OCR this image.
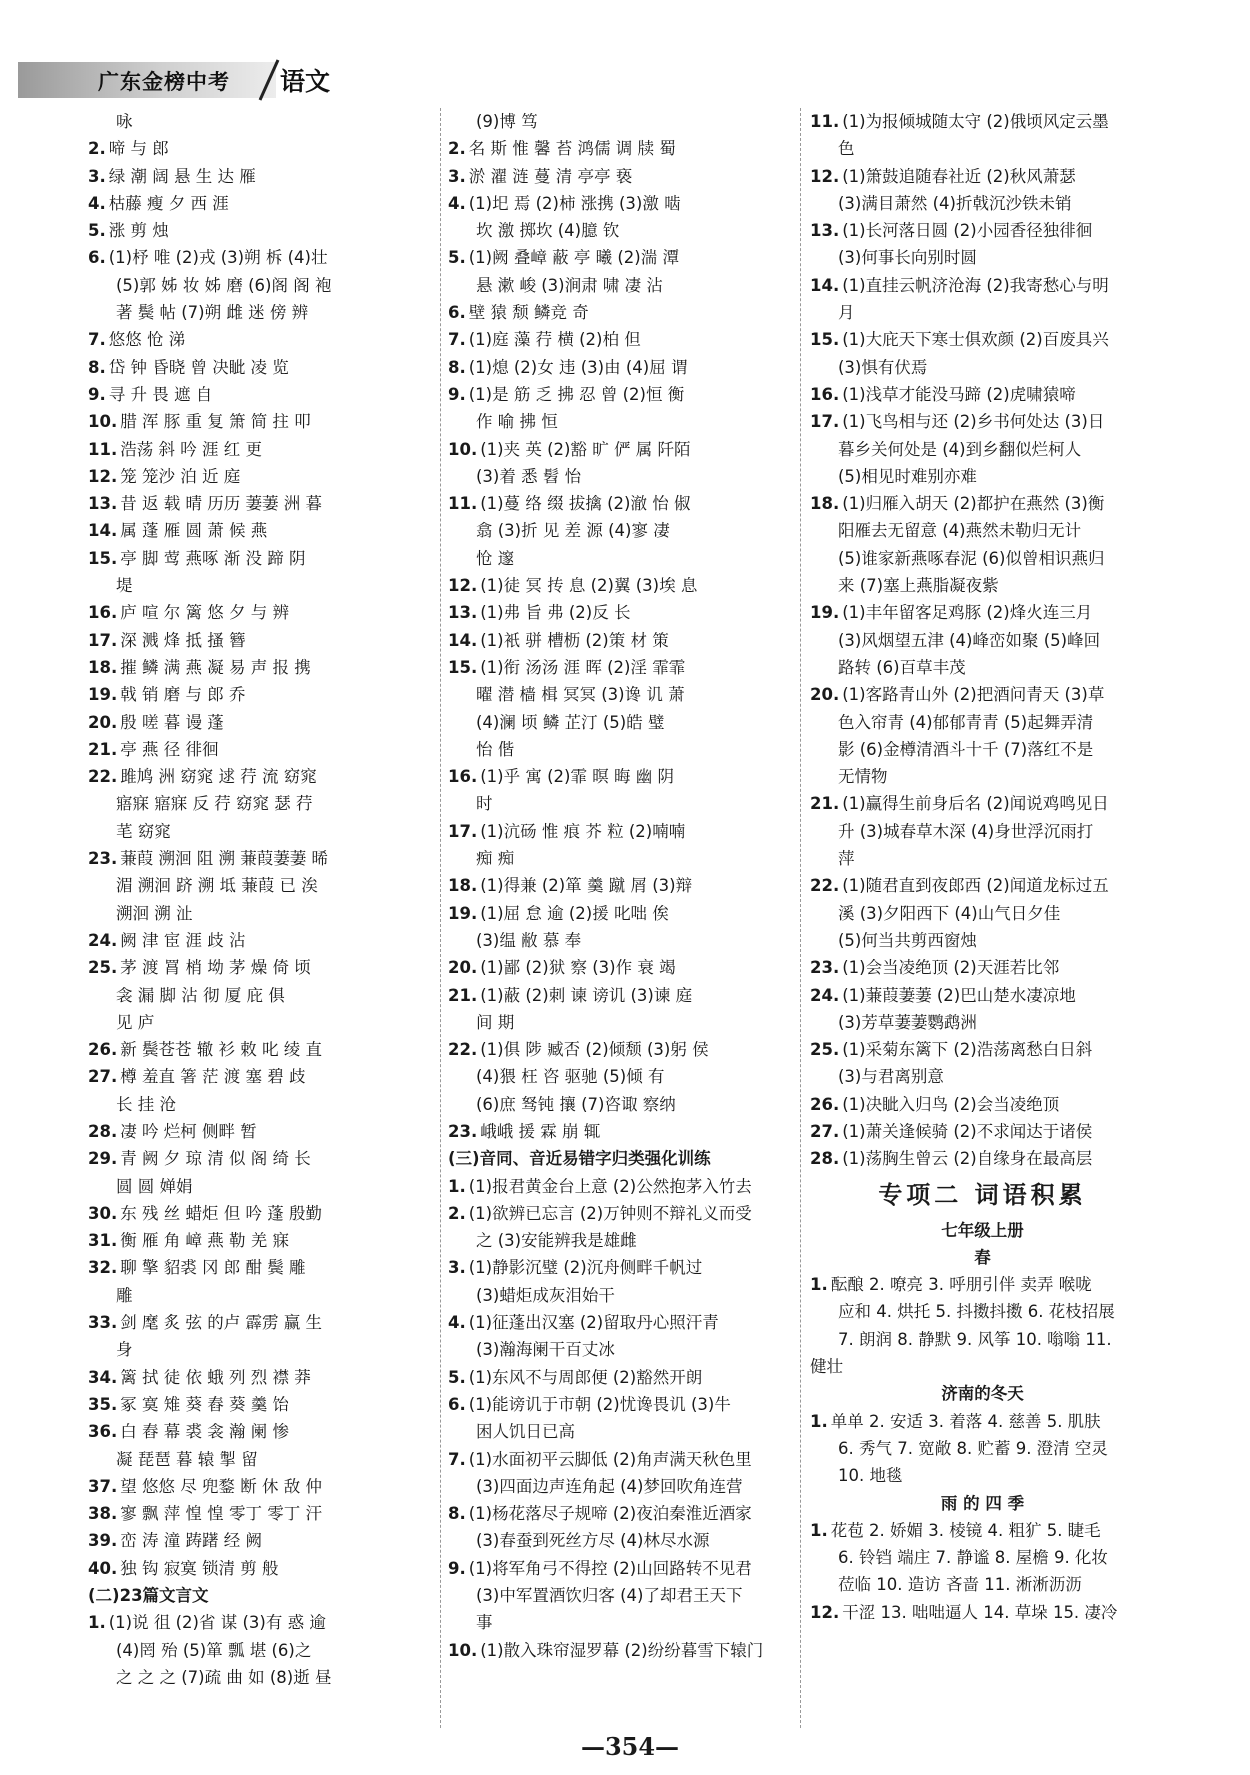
广东金榜中考 语文
咏
2. 啼 与 郎
3. 绿 潮 阔 悬 生 达 雁
4. 枯藤 瘦 夕 西 涯
5. 涨 剪 烛
6. (1)杼 唯 (2)戎 (3)朔 柝 (4)壮
(5)郭 姊 妆 姊 磨 (6)阁 阁 袍
著 鬓 帖 (7)朔 雌 迷 傍 辨
7. 悠悠 怆 涕
8. 岱 钟 昏晓 曾 决眦 凌 览
9. 寻 升 畏 遮 自
10. 腊 浑 豚 重 复 箫 简 拄 叩
11. 浩荡 斜 吟 涯 红 更
12. 笼 笼沙 泊 近 庭
13. 昔 返 载 晴 历历 萋萋 洲 暮
14. 属 蓬 雁 圆 萧 候 燕
15. 亭 脚 莺 燕啄 渐 没 蹄 阴
堤
16. 庐 喧 尔 篱 悠 夕 与 辨
17. 深 溅 烽 抵 搔 簪
18. 摧 鳞 满 燕 凝 易 声 报 携
19. 戟 销 磨 与 郎 乔
20. 殷 嗟 暮 谩 蓬
21. 亭 燕 径 徘徊
22. 雎鸠 洲 窈窕 逑 荇 流 窈窕
寤寐 寤寐 反 荇 窈窕 瑟 荇
芼 窈窕
23. 蒹葭 溯洄 阻 溯 蒹葭萋萋 晞
湄 溯洄 跻 溯 坻 蒹葭 已 涘
溯洄 溯 沚
24. 阙 津 宦 涯 歧 沾
25. 茅 渡 罥 梢 坳 茅 燥 倚 顷
衾 漏 脚 沾 彻 厦 庇 俱
见 庐
26. 新 鬓苍苍 辙 衫 敕 叱 绫 直
27. 樽 羞直 箸 茫 渡 塞 碧 歧
长 挂 沧
28. 凄 吟 烂柯 侧畔 暂
29. 青 阙 夕 琼 清 似 阁 绮 长
圆 圆 婵娟
30. 东 残 丝 蜡炬 但 吟 蓬 殷勤
31. 衡 雁 角 嶂 燕 勒 羌 寐
32. 聊 擎 貂裘 冈 郎 酣 鬓 雕
雕
33. 剑 麾 炙 弦 的卢 霹雳 赢 生
身
34. 篱 拭 徒 依 蛾 列 烈 襟 莽
35. 冢 寞 雉 葵 舂 葵 羹 饴
36. 白 舂 幕 裘 衾 瀚 阑 惨
凝 琵琶 暮 辕 掣 留
37. 望 悠悠 尽 兜鍪 断 休 敌 仲
38. 寥 飘 萍 惶 惶 零丁 零丁 汗
39. 峦 涛 潼 踌躇 经 阙
40. 独 钩 寂寞 锁清 剪 般
(二)23篇文言文
1. (1)说 徂 (2)省 谋 (3)有 惑 逾
(4)罔 殆 (5)箪 瓢 堪 (6)之
之 之 之 (7)疏 曲 如 (8)逝 昼
(9)博 笃
2. 名 斯 惟 馨 苔 鸿儒 调 牍 蜀
3. 淤 濯 涟 蔓 清 亭亭 亵
4. (1)圯 焉 (2)柿 涨携 (3)激 啮
坎 激 掷坎 (4)臆 钦
5. (1)阙 叠嶂 蔽 亭 曦 (2)湍 潭
悬 漱 峻 (3)涧肃 啸 凄 沾
6. 壁 猿 颓 鳞竞 奇
7. (1)庭 藻 荇 横 (2)柏 但
8. (1)熄 (2)女 违 (3)由 (4)屈 谓
9. (1)是 筋 乏 拂 忍 曾 (2)恒 衡
作 喻 拂 恒
10. (1)夹 英 (2)豁 旷 俨 属 阡陌
(3)着 悉 髫 怡
11. (1)蔓 络 缀 拔擒 (2)澈 怡 俶
翕 (3)折 见 差 源 (4)寥 凄
怆 邃
12. (1)徒 冥 抟 息 (2)翼 (3)埃 息
13. (1)弗 旨 弗 (2)反 长
14. (1)衹 骈 槽枥 (2)策 材 策
15. (1)衔 汤汤 涯 晖 (2)淫 霏霏
曜 潜 樯 楫 冥冥 (3)谗 讥 萧
(4)澜 顷 鳞 芷汀 (5)皓 璧
怡 偕
16. (1)乎 寓 (2)霏 暝 晦 幽 阴
时
17. (1)沆砀 惟 痕 芥 粒 (2)喃喃
痴 痴
18. (1)得兼 (2)箪 羹 蹴 屑 (3)辩
19. (1)屈 怠 逾 (2)援 叱咄 俟
(3)缊 敝 慕 奉
20. (1)鄙 (2)狱 察 (3)作 衰 竭
21. (1)蔽 (2)刺 谏 谤讥 (3)谏 庭
间 期
22. (1)俱 陟 臧否 (2)倾颓 (3)躬 侯
(4)猥 枉 咨 驱驰 (5)倾 有
(6)庶 驽钝 攘 (7)咨诹 察纳
23. 峨峨 援 霖 崩 辄
(三)音同、音近易错字归类强化训练
1. (1)报君黄金台上意 (2)公然抱茅入竹去
2. (1)欲辨已忘言 (2)万钟则不辩礼义而受
之 (3)安能辨我是雄雌
3. (1)静影沉璧 (2)沉舟侧畔千帆过
(3)蜡炬成灰泪始干
4. (1)征蓬出汉塞 (2)留取丹心照汗青
(3)瀚海阑干百丈冰
5. (1)东风不与周郎便 (2)豁然开朗
6. (1)能谤讥于市朝 (2)忧谗畏讥 (3)牛
困人饥日已高
7. (1)水面初平云脚低 (2)角声满天秋色里
(3)四面边声连角起 (4)梦回吹角连营
8. (1)杨花落尽子规啼 (2)夜泊秦淮近酒家
(3)春蚕到死丝方尽 (4)林尽水源
9. (1)将军角弓不得控 (2)山回路转不见君
(3)中军置酒饮归客 (4)了却君王天下
事
10. (1)散入珠帘湿罗幕 (2)纷纷暮雪下辕门
11. (1)为报倾城随太守 (2)俄顷风定云墨
色
12. (1)箫鼓追随春社近 (2)秋风萧瑟
(3)满目萧然 (4)折戟沉沙铁未销
13. (1)长河落日圆 (2)小园香径独徘徊
(3)何事长向别时圆
14. (1)直挂云帆济沧海 (2)我寄愁心与明
月
15. (1)大庇天下寒士俱欢颜 (2)百废具兴
(3)惧有伏焉
16. (1)浅草才能没马蹄 (2)虎啸猿啼
17. (1)飞鸟相与还 (2)乡书何处达 (3)日
暮乡关何处是 (4)到乡翻似烂柯人
(5)相见时难别亦难
18. (1)归雁入胡天 (2)都护在燕然 (3)衡
阳雁去无留意 (4)燕然未勒归无计
(5)谁家新燕啄春泥 (6)似曾相识燕归
来 (7)塞上燕脂凝夜紫
19. (1)丰年留客足鸡豚 (2)烽火连三月
(3)风烟望五津 (4)峰峦如聚 (5)峰回
路转 (6)百草丰茂
20. (1)客路青山外 (2)把酒问青天 (3)草
色入帘青 (4)郁郁青青 (5)起舞弄清
影 (6)金樽清酒斗十千 (7)落红不是
无情物
21. (1)赢得生前身后名 (2)闻说鸡鸣见日
升 (3)城春草木深 (4)身世浮沉雨打
萍
22. (1)随君直到夜郎西 (2)闻道龙标过五
溪 (3)夕阳西下 (4)山气日夕佳
(5)何当共剪西窗烛
23. (1)会当凌绝顶 (2)天涯若比邻
24. (1)蒹葭萋萋 (2)巴山楚水凄凉地
(3)芳草萋萋鹦鹉洲
25. (1)采菊东篱下 (2)浩荡离愁白日斜
(3)与君离别意
26. (1)决眦入归鸟 (2)会当凌绝顶
27. (1)萧关逢候骑 (2)不求闻达于诸侯
28. (1)荡胸生曾云 (2)自缘身在最高层
专项二 词语积累
七年级上册
春
1. 酝酿 2. 嘹亮 3. 呼朋引伴 卖弄 喉咙
应和 4. 烘托 5. 抖擞抖擞 6. 花枝招展
7. 朗润 8. 静默 9. 风筝 10. 嗡嗡 11.
健壮
济南的冬天
1. 单单 2. 安适 3. 着落 4. 慈善 5. 肌肤
6. 秀气 7. 宽敞 8. 贮蓄 9. 澄清 空灵
10. 地毯
雨 的 四 季
1. 花苞 2. 娇媚 3. 棱镜 4. 粗犷 5. 睫毛
6. 铃铛 端庄 7. 静谧 8. 屋檐 9. 化妆
莅临 10. 造访 吝啬 11. 淅淅沥沥
12. 干涩 13. 咄咄逼人 14. 草垛 15. 凄冷
—354—
